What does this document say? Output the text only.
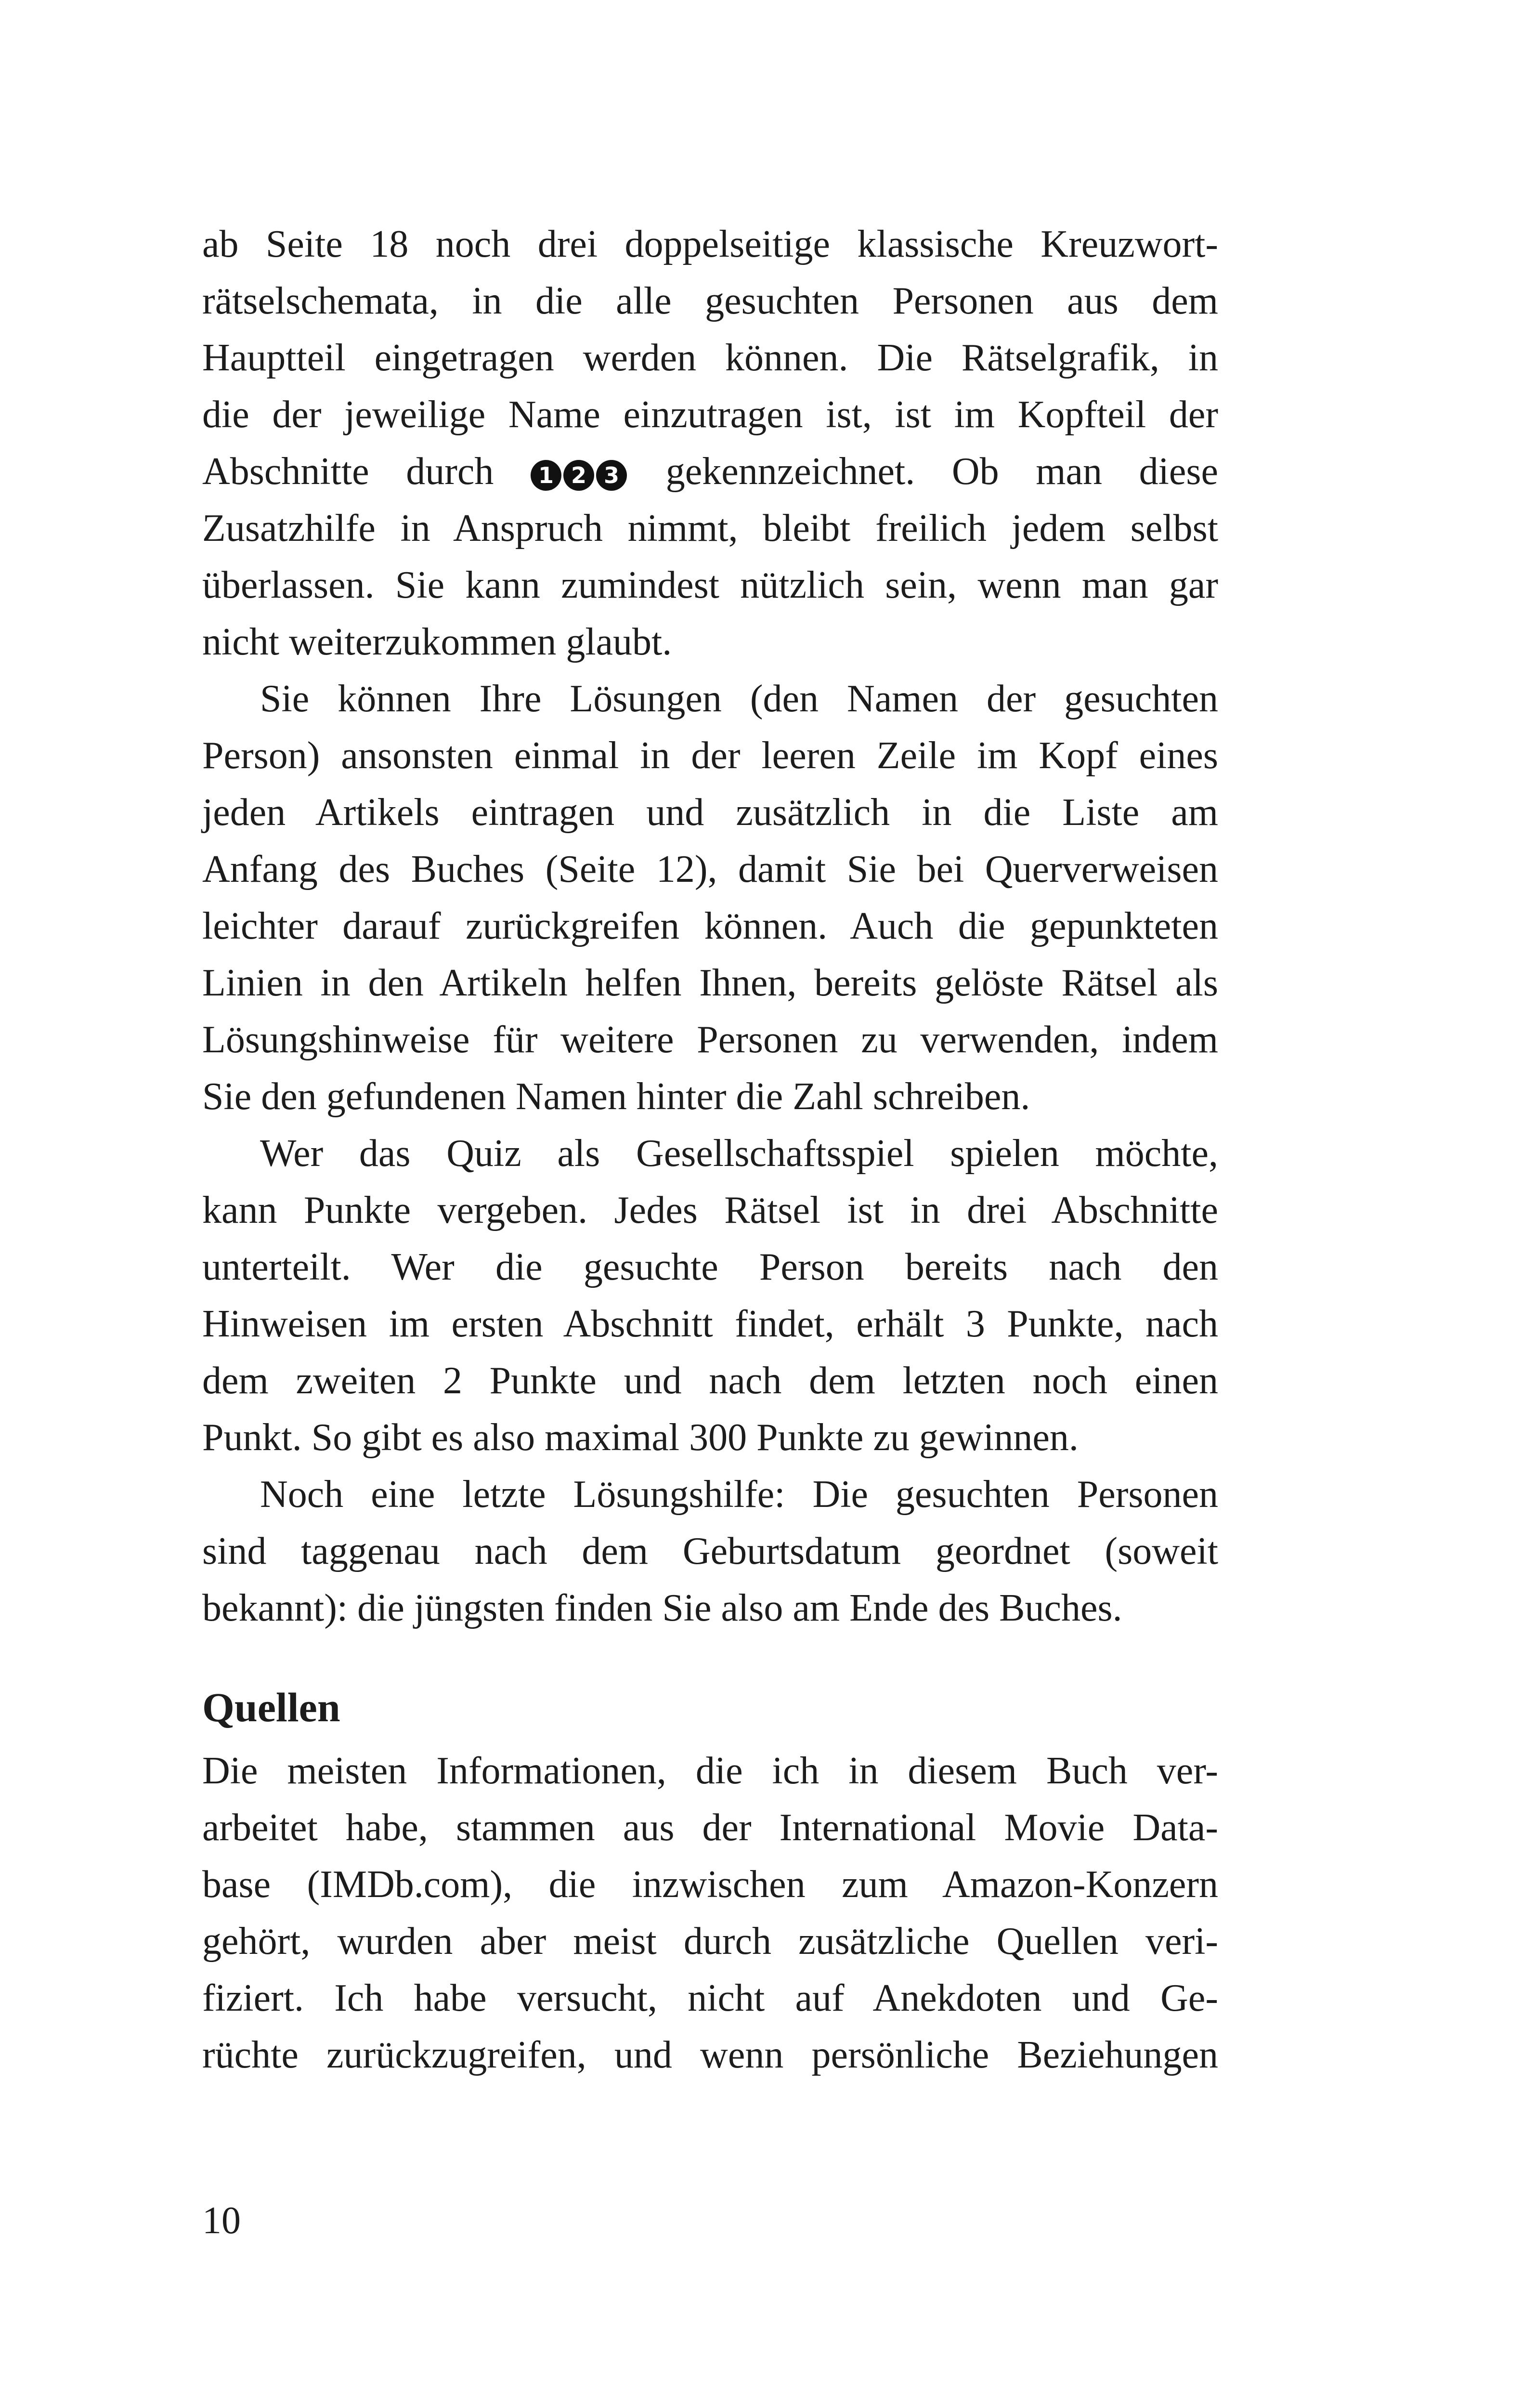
ab Seite 18 noch drei doppelseitige klassische Kreuzwort-
rätselschemata, in die alle gesuchten Personen aus dem
Hauptteil eingetragen werden können. Die Rätselgrafik, in
die der jeweilige Name einzutragen ist, ist im Kopfteil der
Abschnitte durch 1 2 3 gekennzeichnet. Ob man diese
Zusatzhilfe in Anspruch nimmt, bleibt freilich jedem selbst
überlassen. Sie kann zumindest nützlich sein, wenn man gar
nicht weiterzukommen glaubt.
Sie können Ihre Lösungen (den Namen der gesuchten
Person) ansonsten einmal in der leeren Zeile im Kopf eines
jeden Artikels eintragen und zusätzlich in die Liste am
Anfang des Buches (Seite 12), damit Sie bei Querverweisen
leichter darauf zurückgreifen können. Auch die gepunkteten
Linien in den Artikeln helfen Ihnen, bereits gelöste Rätsel als
Lösungshinweise für weitere Personen zu verwenden, indem
Sie den gefundenen Namen hinter die Zahl schreiben.
Wer das Quiz als Gesellschaftsspiel spielen möchte,
kann Punkte vergeben. Jedes Rätsel ist in drei Abschnitte
unterteilt. Wer die gesuchte Person bereits nach den
Hinweisen im ersten Abschnitt findet, erhält 3 Punkte, nach
dem zweiten 2 Punkte und nach dem letzten noch einen
Punkt. So gibt es also maximal 300 Punkte zu gewinnen.
Noch eine letzte Lösungshilfe: Die gesuchten Personen
sind taggenau nach dem Geburtsdatum geordnet (soweit
bekannt): die jüngsten finden Sie also am Ende des Buches.
Quellen
Die meisten Informationen, die ich in diesem Buch ver-
arbeitet habe, stammen aus der International Movie Data-
base (IMDb.com), die inzwischen zum Amazon-Konzern
gehört, wurden aber meist durch zusätzliche Quellen veri-
fiziert. Ich habe versucht, nicht auf Anekdoten und Ge-
rüchte zurückzugreifen, und wenn persönliche Beziehungen
10
